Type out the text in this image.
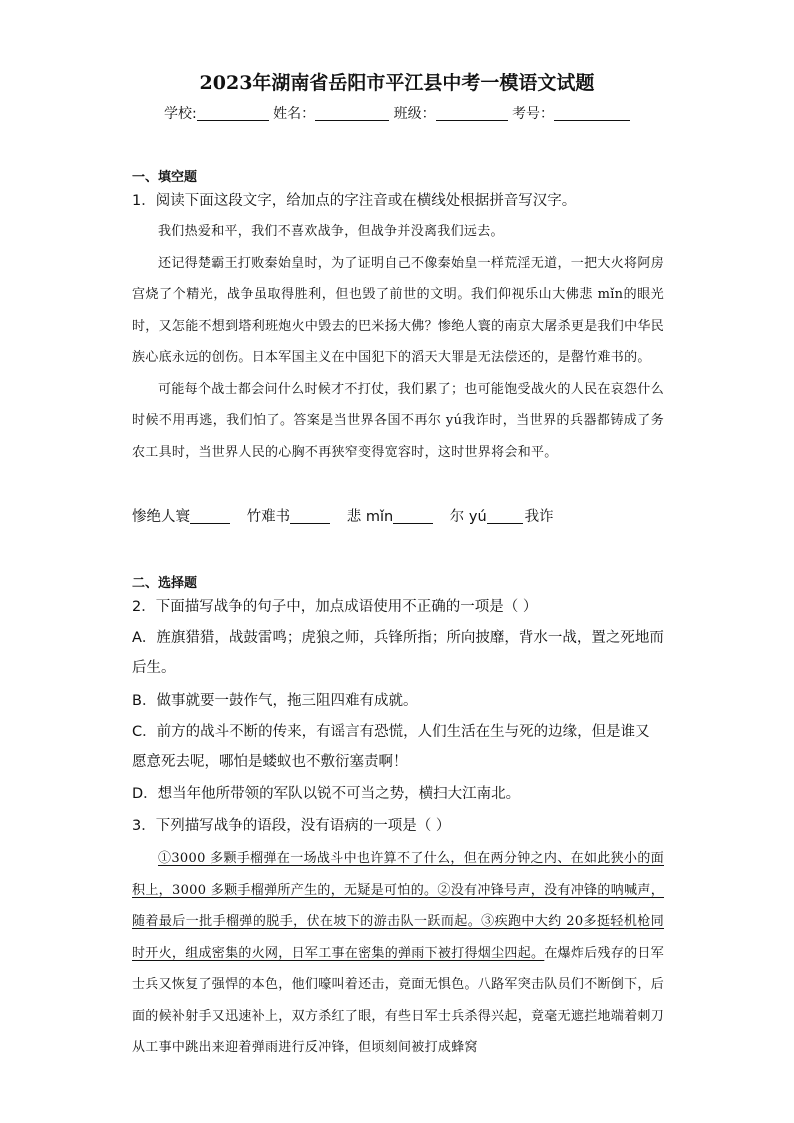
2023年湖南省岳阳市平江县中考一模语文试题
学校:	姓名：	班级：	考号：
一、填空题
1．阅读下面这段文字，给加点的字注音或在横线处根据拼音写汉字。

我们热爱和平，我们不喜欢战争，但战争并没离我们远去。

还记得楚霸王打败秦始皇时，为了证明自己不像秦始皇一样荒淫无道，一把大火将阿房宫烧了个精光，战争虽取得胜利，但也毁了前世的文明。我们仰视乐山大佛悲 mǐn的眼光时，又怎能不想到塔利班炮火中毁去的巴米扬大佛？惨绝人寰的南京大屠杀更是我们中华民族心底永远的创伤。日本军国主义在中国犯下的滔天大罪是无法偿还的，是罄竹难书的。

可能每个战士都会问什么时候才不打仗，我们累了；也可能饱受战火的人民在哀怨什么时候不用再逃，我们怕了。答案是当世界各国不再尔 yú我诈时，当世界的兵器都铸成了务农工具时，当世界人民的心胸不再狭窄变得宽容时，这时世界将会和平。

惨绝人寰	竹难书	悲 mǐn	尔 yú	我诈
二、选择题
2．下面描写战争的句子中，加点成语使用不正确的一项是（ ）
A．旌旗猎猎，战鼓雷鸣；虎狼之师，兵锋所指；所向披靡，背水一战，置之死地而后生。
B．做事就要一鼓作气，拖三阻四难有成就。
C．前方的战斗不断的传来，有谣言有恐慌，人们生活在生与死的边缘，但是谁又愿意死去呢，哪怕是蝼蚁也不敷衍塞责啊！
D．想当年他所带领的军队以锐不可当之势，横扫大江南北。
3．下列描写战争的语段，没有语病的一项是（ ）

①3000 多颗手榴弹在一场战斗中也许算不了什么，但在两分钟之内、在如此狭小的面积上，3000 多颗手榴弹所产生的，无疑是可怕的。②没有冲锋号声，没有冲锋的呐喊声，随着最后一批手榴弹的脱手，伏在坡下的游击队一跃而起。③疾跑中大约 20多挺轻机枪同时开火，组成密集的火网，日军工事在密集的弹雨下被打得烟尘四起。在爆炸后残存的日军士兵又恢复了强悍的本色，他们嚎叫着还击，竟面无惧色。八路军突击队员们不断倒下，后面的候补射手又迅速补上，双方杀红了眼，有些日军士兵杀得兴起，竟毫无遮拦地端着刺刀从工事中跳出来迎着弹雨进行反冲锋，但顷刻间被打成蜂窝
